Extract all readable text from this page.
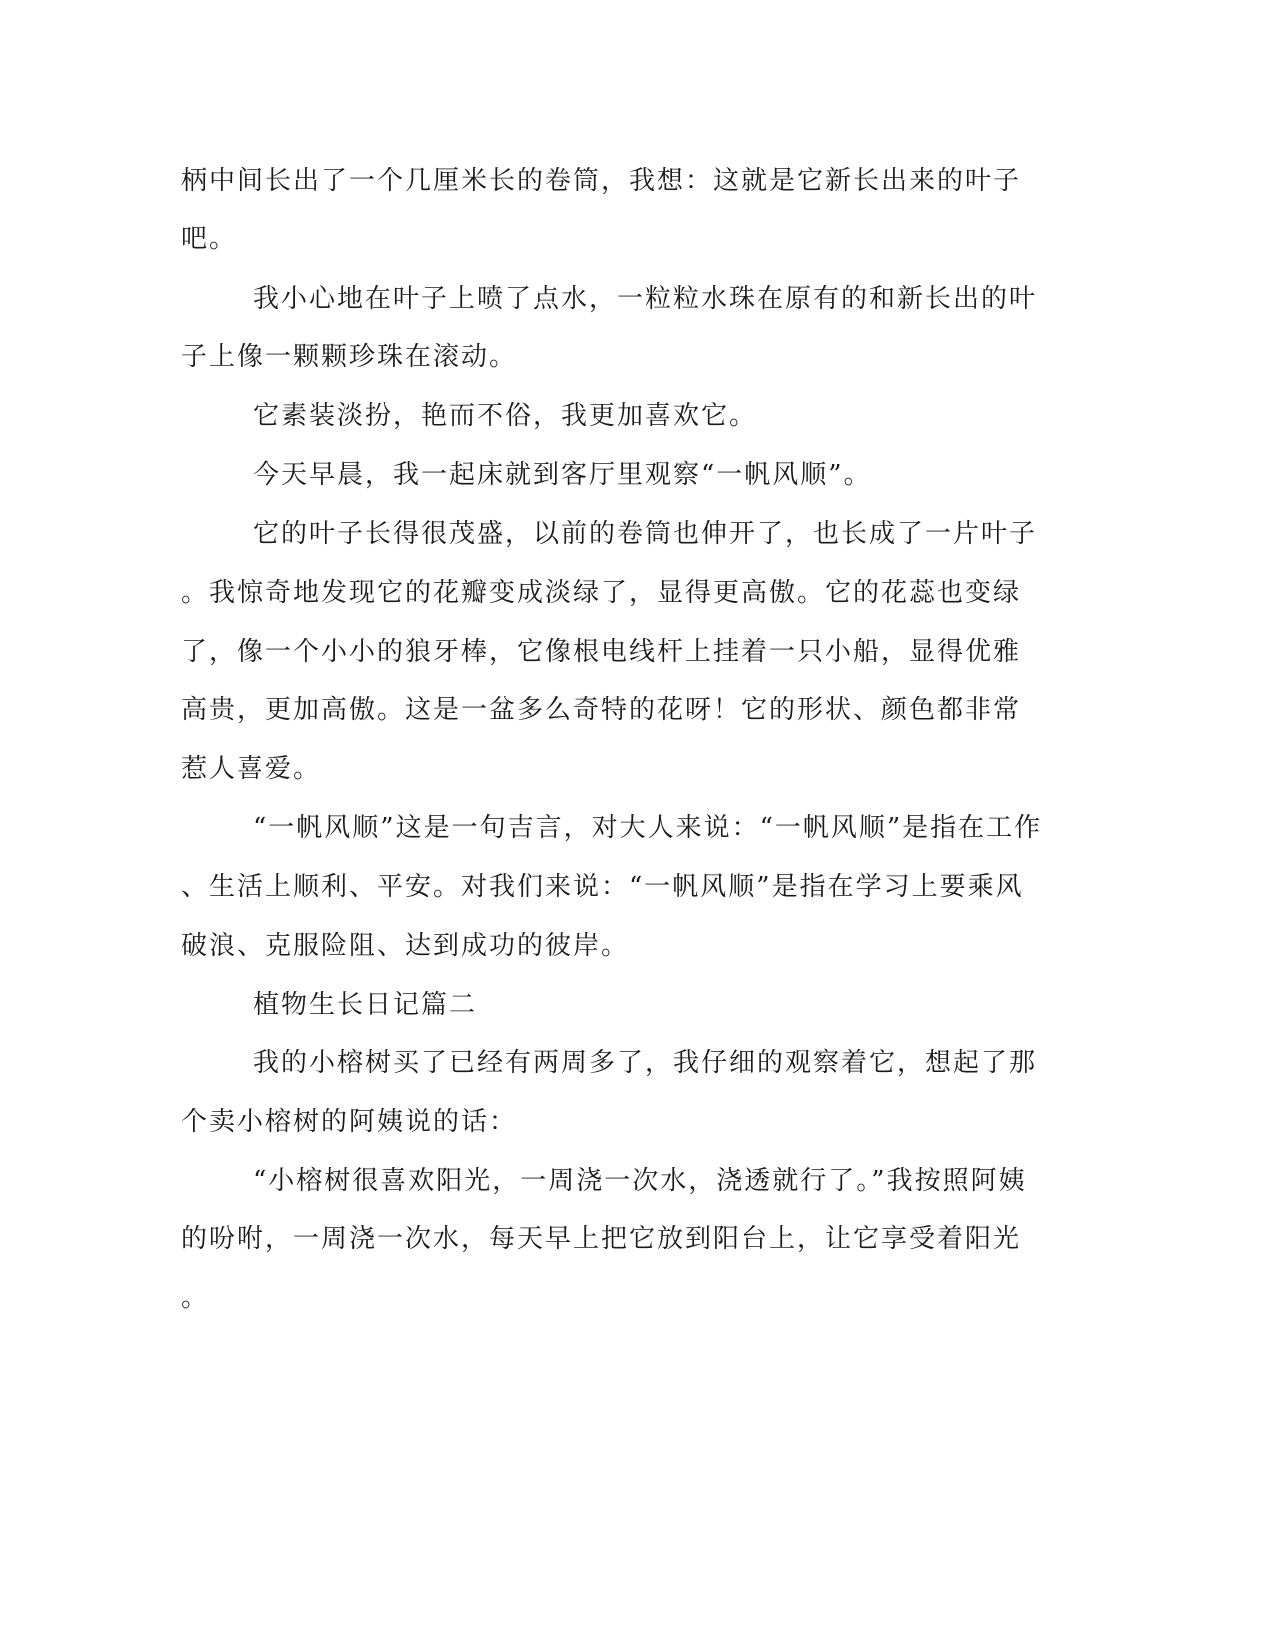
柄中间长出了一个几厘米长的卷筒，我想：这就是它新长出来的叶子
吧。
我小心地在叶子上喷了点水，一粒粒水珠在原有的和新长出的叶
子上像一颗颗珍珠在滚动。
它素装淡扮，艳而不俗，我更加喜欢它。
今天早晨，我一起床就到客厅里观察“一帆风顺”。
它的叶子长得很茂盛，以前的卷筒也伸开了，也长成了一片叶子
。我惊奇地发现它的花瓣变成淡绿了，显得更高傲。它的花蕊也变绿
了，像一个小小的狼牙棒，它像根电线杆上挂着一只小船，显得优雅
高贵，更加高傲。这是一盆多么奇特的花呀！它的形状、颜色都非常
惹人喜爱。
“一帆风顺”这是一句吉言，对大人来说：“一帆风顺”是指在工作
、生活上顺利、平安。对我们来说：“一帆风顺”是指在学习上要乘风
破浪、克服险阻、达到成功的彼岸。
植物生长日记篇二
我的小榕树买了已经有两周多了，我仔细的观察着它，想起了那
个卖小榕树的阿姨说的话：
“小榕树很喜欢阳光，一周浇一次水，浇透就行了。”我按照阿姨
的吩咐，一周浇一次水，每天早上把它放到阳台上，让它享受着阳光
。
